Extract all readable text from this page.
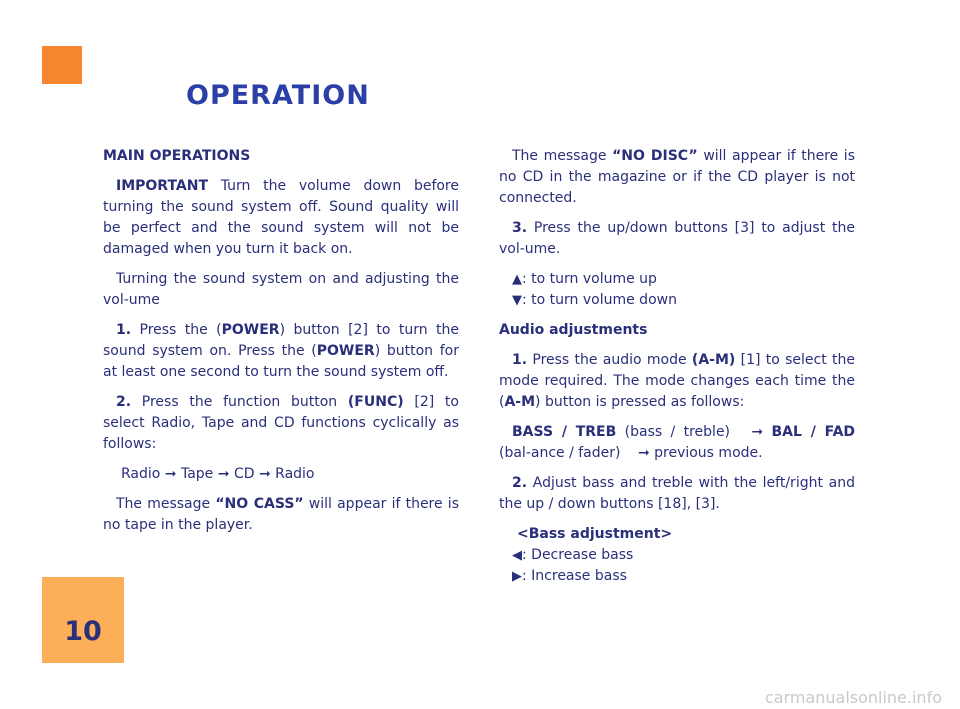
OPERATION

MAIN OPERATIONS

IMPORTANT Turn the volume down before turning the sound system off. Sound quality will be perfect and the sound system will not be damaged when you turn it back on.

Turning the sound system on and adjusting the vol-ume

1. Press the (POWER) button [2] to turn the sound system on. Press the (POWER) button for at least one second to turn the sound system off.

2. Press the function button (FUNC) [2] to select Radio, Tape and CD functions cyclically as follows:

Radio ➞ Tape ➞ CD ➞ Radio

The message “NO CASS” will appear if there is no tape in the player.

The message “NO DISC” will appear if there is no CD in the magazine or if the CD player is not connected.

3. Press the up/down buttons [3] to adjust the vol-ume.

▲: to turn volume up

▼: to turn volume down

Audio adjustments

1. Press the audio mode (A-M) [1] to select the mode required. The mode changes each time the (A-M) button is pressed as follows:

BASS / TREB (bass / treble) ➞ BAL / FAD (bal-ance / fader) ➞ previous mode.

2. Adjust bass and treble with the left/right and the up / down buttons [18], [3].

<Bass adjustment>

◀: Decrease bass

▶: Increase bass

10
carmanualsonline.info
